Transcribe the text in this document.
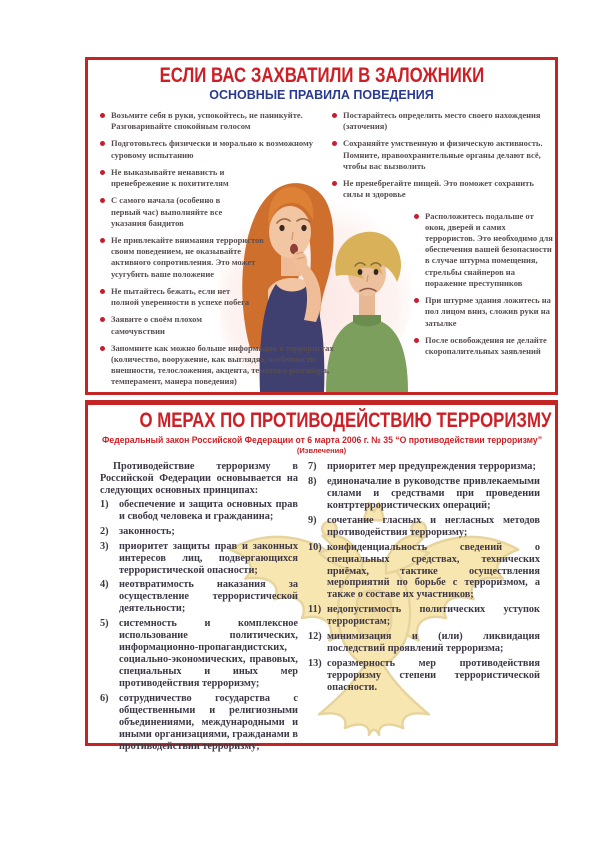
ЕСЛИ ВАС ЗАХВАТИЛИ В ЗАЛОЖНИКИ
ОСНОВНЫЕ ПРАВИЛА ПОВЕДЕНИЯ
Возьмите себя в руки, успокойтесь, не паникуйте. Разговаривайте спокойным голосом
Подготовьтесь физически и морально к возможному суровому испытанию
Не выказывайте ненависть и пренебрежение к похитителям
С самого начала (особенно в первый час) выполняйте все указания бандитов
Не привлекайте внимания террористов своим поведением, не оказывайте активного сопротивления. Это может усугубить ваше положение
Не пытайтесь бежать, если нет полной уверенности в успехе побега
Заявите о своём плохом самочувствии
Запомните как можно больше информации о террористах (количество, вооружение, как выглядят, особенности внешности, телосложения, акцента, тематика разговора, темперамент, манера поведения)
Постарайтесь определить место своего нахождения (заточения)
Сохраняйте умственную и физическую активность. Помните, правоохранительные органы делают всё, чтобы вас вызволить
Не пренебрегайте пищей. Это поможет сохранить силы и здоровье
Расположитесь подальше от окон, дверей и самих террористов. Это необходимо для обеспечения вашей безопасности в случае штурма помещения, стрельбы снайперов на поражение преступников
При штурме здания ложитесь на пол лицом вниз, сложив руки на затылке
После освобождения не делайте скоропалительных заявлений
О МЕРАХ ПО ПРОТИВОДЕЙСТВИЮ ТЕРРОРИЗМУ
Федеральный закон Российской Федерации от 6 марта 2006 г. № 35 “О противодействии терроризму”
(Извлечения)
Противодействие терроризму в Российской Федерации основывается на следующих основных принципах:
1)	обеспечение и защита основных прав и свобод человека и гражданина;
2)	законность;
3)	приоритет защиты прав и законных интересов лиц, подвергающихся террористической опасности;
4)	неотвратимость наказания за осуществление террористической деятельности;
5)	системность и комплексное использование политических, информационно-пропагандистских, социально-экономических, правовых, специальных и иных мер противодействия терроризму;
6)	сотрудничество государства с общественными и религиозными объединениями, международными и иными организациями, гражданами в противодействии терроризму;
7)	приоритет мер предупреждения терроризма;
8)	единоначалие в руководстве привлекаемыми силами и средствами при проведении контртеррористических операций;
9)	сочетание гласных и негласных методов противодействия терроризму;
10) конфиденциальность сведений о специальных средствах, технических приёмах, тактике осуществления мероприятий по борьбе с терроризмом, а также о составе их участников;
11) недопустимость политических уступок террористам;
12) минимизация и (или) ликвидация последствий проявлений терроризма;
13) соразмерность мер противодействия терроризму степени террористической опасности.
